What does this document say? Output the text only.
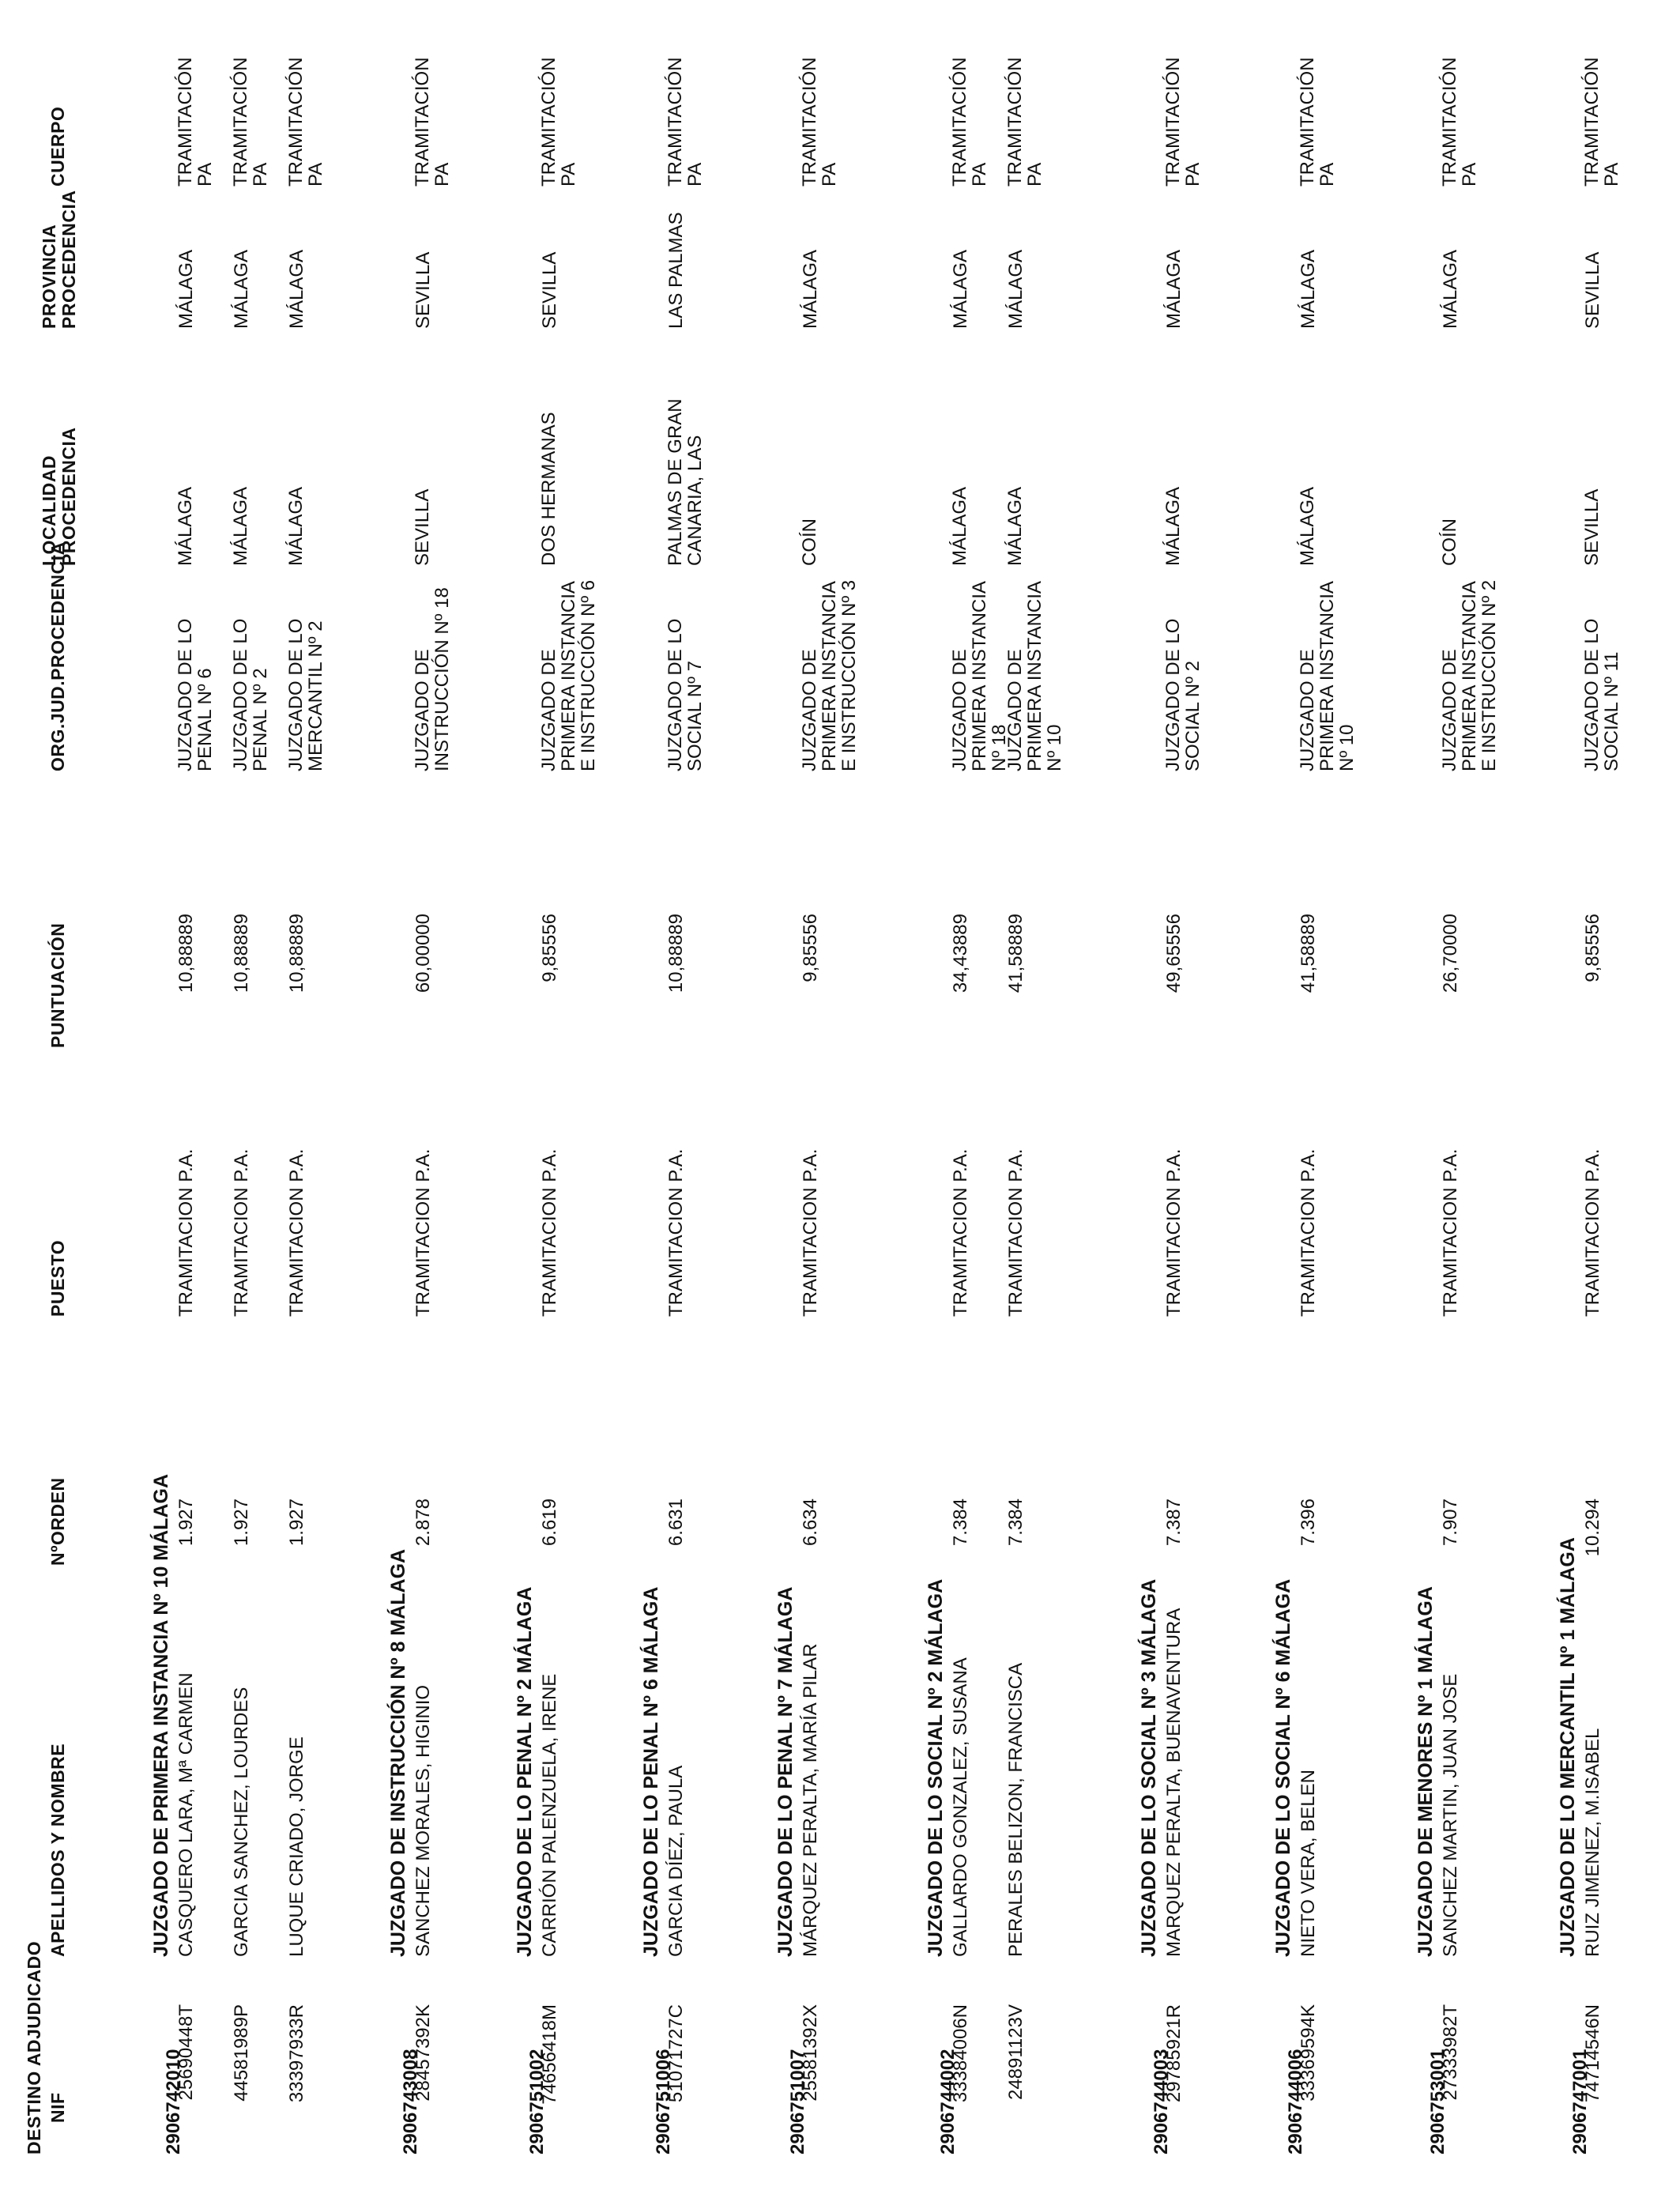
DESTINO ADJUDICADO NIF
APELLIDOS Y NOMBRE
NºORDEN
PUESTO
PUNTUACIÓN
ORG.JUD.PROCEDENCIA
LOCALIDAD PROCEDENCIA
PROVINCIA PROCEDENCIA
CUERPO
2906742010
JUZGADO DE PRIMERA INSTANCIA Nº 10 MÁLAGA
25690448T
CASQUERO LARA, Mª CARMEN
1.927
TRAMITACION P.A.
10,88889
JUZGADO DE LO PENAL Nº 6
MÁLAGA
MÁLAGA
TRAMITACIÓN PA
44581989P
GARCIA SANCHEZ, LOURDES
1.927
TRAMITACION P.A.
10,88889
JUZGADO DE LO PENAL Nº 2
MÁLAGA
MÁLAGA
TRAMITACIÓN PA
33397933R
LUQUE CRIADO, JORGE
1.927
TRAMITACION P.A.
10,88889
JUZGADO DE LO MERCANTIL Nº 2
MÁLAGA
MÁLAGA
TRAMITACIÓN PA
2906743008
JUZGADO DE INSTRUCCIÓN Nº 8 MÁLAGA
28457392K
SANCHEZ MORALES, HIGINIO
2.878
TRAMITACION P.A.
60,00000
JUZGADO DE INSTRUCCIÓN Nº 18
SEVILLA
SEVILLA
TRAMITACIÓN PA
2906751002
JUZGADO DE LO PENAL Nº 2 MÁLAGA
74656418M
CARRIÓN PALENZUELA, IRENE
6.619
TRAMITACION P.A.
9,85556
JUZGADO DE PRIMERA INSTANCIA E INSTRUCCIÓN Nº 6
DOS HERMANAS
SEVILLA
TRAMITACIÓN PA
2906751006
JUZGADO DE LO PENAL Nº 6 MÁLAGA
51071727C
GARCIA DÍEZ, PAULA
6.631
TRAMITACION P.A.
10,88889
JUZGADO DE LO SOCIAL Nº 7
PALMAS DE GRAN CANARIA, LAS
LAS PALMAS
TRAMITACIÓN PA
2906751007
JUZGADO DE LO PENAL Nº 7 MÁLAGA
25581392X
MÁRQUEZ PERALTA, MARÍA PILAR
6.634
TRAMITACION P.A.
9,85556
JUZGADO DE PRIMERA INSTANCIA E INSTRUCCIÓN Nº 3
COÍN
MÁLAGA
TRAMITACIÓN PA
2906744002
JUZGADO DE LO SOCIAL Nº 2 MÁLAGA
33384006N
GALLARDO GONZALEZ, SUSANA
7.384
TRAMITACION P.A.
34,43889
JUZGADO DE PRIMERA INSTANCIA Nº 18
MÁLAGA
MÁLAGA
TRAMITACIÓN PA
24891123V
PERALES BELIZON, FRANCISCA
7.384
TRAMITACION P.A.
41,58889
JUZGADO DE PRIMERA INSTANCIA Nº 10
MÁLAGA
MÁLAGA
TRAMITACIÓN PA
2906744003
JUZGADO DE LO SOCIAL Nº 3 MÁLAGA
29785921R
MARQUEZ PERALTA, BUENAVENTURA
7.387
TRAMITACION P.A.
49,65556
JUZGADO DE LO SOCIAL Nº 2
MÁLAGA
MÁLAGA
TRAMITACIÓN PA
2906744006
JUZGADO DE LO SOCIAL Nº 6 MÁLAGA
33369594K
NIETO VERA, BELEN
7.396
TRAMITACION P.A.
41,58889
JUZGADO DE PRIMERA INSTANCIA Nº 10
MÁLAGA
MÁLAGA
TRAMITACIÓN PA
2906753001
JUZGADO DE MENORES Nº 1 MÁLAGA
27333982T
SANCHEZ MARTIN, JUAN JOSE
7.907
TRAMITACION P.A.
26,70000
JUZGADO DE PRIMERA INSTANCIA E INSTRUCCIÓN Nº 2
COÍN
MÁLAGA
TRAMITACIÓN PA
2906747001
JUZGADO DE LO MERCANTIL Nº 1 MÁLAGA
74714546N
RUIZ JIMENEZ, M.ISABEL
10.294
TRAMITACION P.A.
9,85556
JUZGADO DE LO SOCIAL Nº 11
SEVILLA
SEVILLA
TRAMITACIÓN PA
